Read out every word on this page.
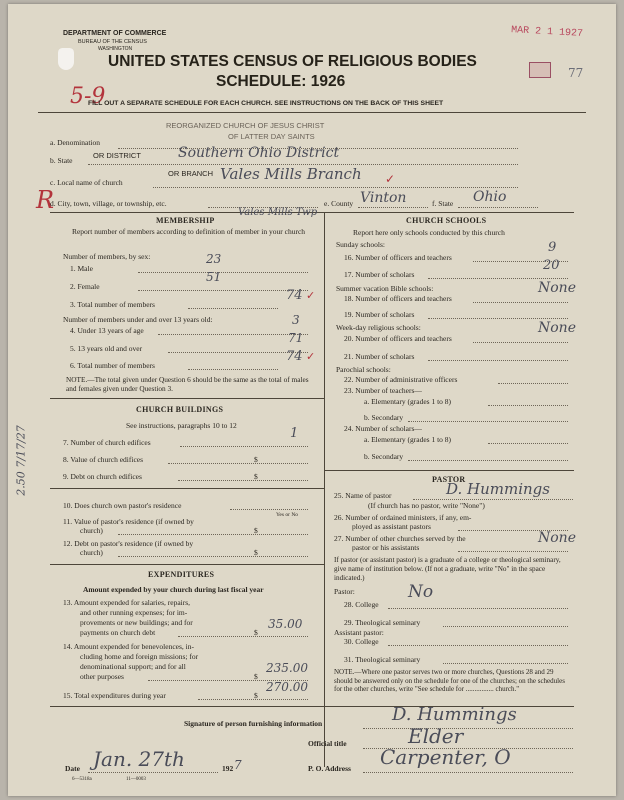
DEPARTMENT OF COMMERCE
BUREAU OF THE CENSUS
WASHINGTON
UNITED STATES CENSUS OF RELIGIOUS BODIES
SCHEDULE: 1926
MAR 2 1 1927
77
5-9
FILL OUT A SEPARATE SCHEDULE FOR EACH CHURCH. SEE INSTRUCTIONS ON THE BACK OF THIS SHEET
a. Denomination
REORGANIZED CHURCH OF JESUS CHRIST
OF LATTER DAY SAINTS
b. State
OR DISTRICT	Southern Ohio District
OR BRANCH
c. Local name of church	Vales Mills Branch ✓
R
d. City, town, village, or township, etc.	e. County Vinton	f. State Ohio
MEMBERSHIP
Vales Mills Twp
Report number of members according to definition of member in your church
Number of members, by sex:
1. Male
23
2. Female
51
3. Total number of members
74 ✓
Number of members under and over 13 years old:
4. Under 13 years of age
3
5. 13 years old and over
71
6. Total number of members
74 ✓
NOTE.—The total given under Question 6 should be the same as the total of males and females given under Question 3.
CHURCH BUILDINGS
See instructions, paragraphs 10 to 12
7. Number of church edifices
1
8. Value of church edifices	$
9. Debt on church edifices	$
10. Does church own pastor's residence
Yes or No
11. Value of pastor's residence (if owned by
church)	$
12. Debt on pastor's residence (if owned by
church)	$
EXPENDITURES
Amount expended by your church during last fiscal year
13. Amount expended for salaries, repairs,
and other running expenses; for im-
provements or new buildings; and for
payments on church debt	$
35.00
14. Amount expended for benevolences, in-
cluding home and foreign missions; for
denominational support; and for all
other purposes	$
235.00
15. Total expenditures during year	$
270.00
CHURCH SCHOOLS
Report here only schools conducted by this church
Sunday schools:
16. Number of officers and teachers
9
17. Number of scholars
20
Summer vacation Bible schools:
18. Number of officers and teachers
None
19. Number of scholars
Week-day religious schools:
20. Number of officers and teachers
None
21. Number of scholars
Parochial schools:
22. Number of administrative officers
23. Number of teachers—
a. Elementary (grades 1 to 8)
b. Secondary
24. Number of scholars—
a. Elementary (grades 1 to 8)
b. Secondary
PASTOR
25. Name of pastor	D. Hummings
(If church has no pastor, write "None")
26. Number of ordained ministers, if any, em-
ployed as assistant pastors
27. Number of other churches served by the
pastor or his assistants
None
If pastor (or assistant pastor) is a graduate of a college or theological seminary, give name of institution below. (If not a graduate, write "No" in the space indicated.)
Pastor:
28. College
No
29. Theological seminary
Assistant pastor:
30. College
31. Theological seminary
NOTE.—Where one pastor serves two or more churches, Questions 28 and 29 should be answered only on the schedule for one of the churches; on the schedules for the other churches, write "See schedule for ................ church."
Signature of person furnishing information	D. Hummings
Official title	Elder
Date Jan. 27th	192 7	P. O. Address Carpenter, O
6—5318a	11—0003
2.50 7/17/27
